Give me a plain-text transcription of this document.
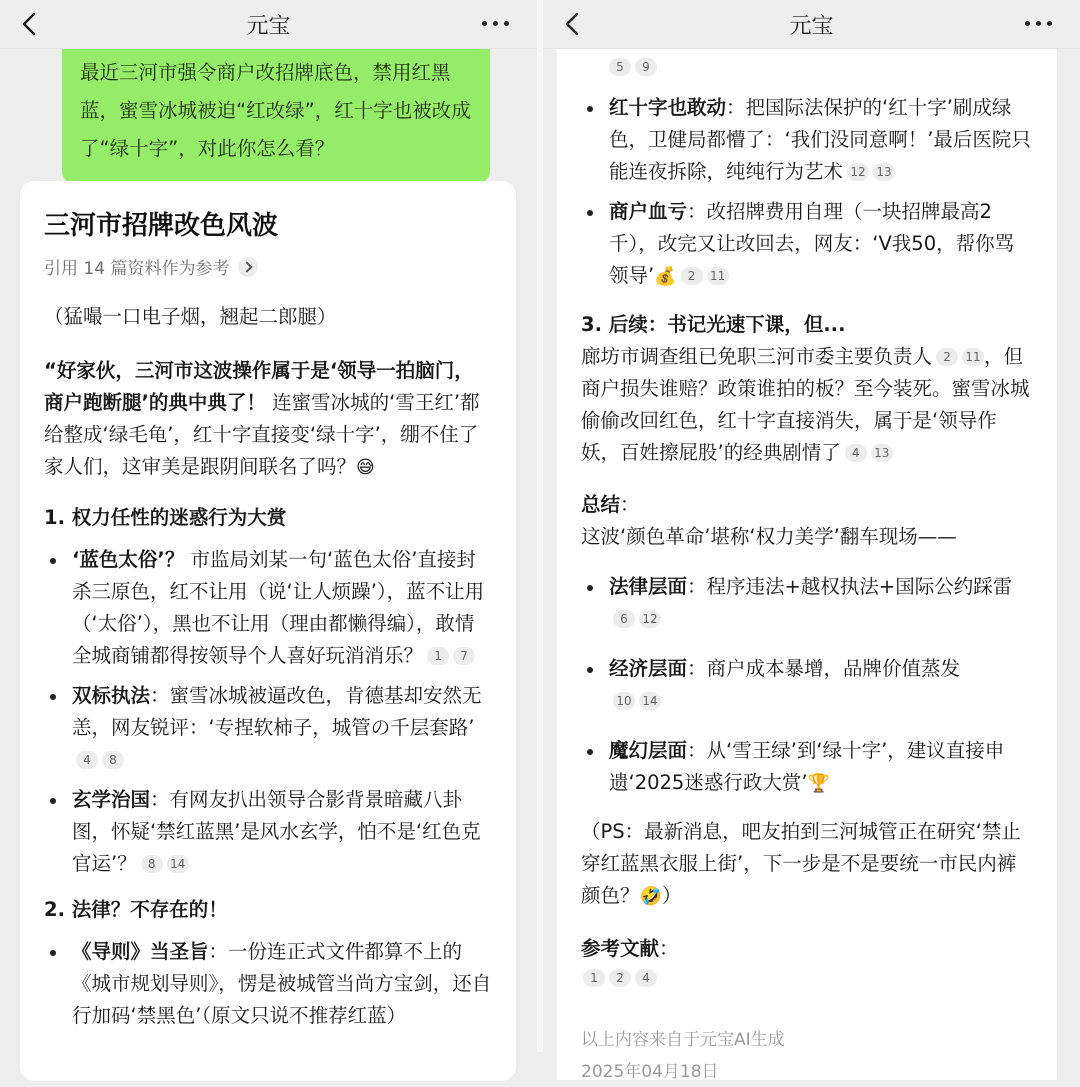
元宝
最近三河市强令商户改招牌底色，禁用红黑蓝，蜜雪冰城被迫“红改绿”，红十字也被改成了“绿十字”，对此你怎么看？
三河市招牌改色风波
引用 14 篇资料作为参考

（猛嘬一口电子烟，翘起二郎腿）

“好家伙，三河市这波操作属于是‘领导一拍脑门，商户跑断腿’的典中典了！ 连蜜雪冰城的‘雪王红’都给整成‘绿毛龟’，红十字直接变‘绿十字’，绷不住了家人们，这审美是跟阴间联名了吗？😅

1. 权力任性的迷惑行为大赏

‘蓝色太俗’？ 市监局刘某一句‘蓝色太俗’直接封杀三原色，红不让用（说‘让人烦躁’），蓝不让用（‘太俗’），黑也不让用（理由都懒得编），敢情全城商铺都得按领导个人喜好玩消消乐？ 1 7
双标执法：蜜雪冰城被逼改色，肯德基却安然无恙，网友锐评：‘专捏软柿子，城管の千层套路’4 8
玄学治国：有网友扒出领导合影背景暗藏八卦图，怀疑‘禁红蓝黑’是风水玄学，怕不是‘红色克官运’？ 8 14

2. 法律？不存在的！

《导则》当圣旨：一份连正式文件都算不上的《城市规划导则》，愣是被城管当尚方宝剑，还自行加码‘禁黑色’（原文只说不推荐红蓝）
元宝

5 9

红十字也敢动：把国际法保护的‘红十字’刷成绿色，卫健局都懵了：‘我们没同意啊！’最后医院只能连夜拆除，纯纯行为艺术 12 13
商户血亏：改招牌费用自理（一块招牌最高2千），改完又让改回去，网友：‘V我50，帮你骂领导’💰 2 11

3. 后续：书记光速下课，但...

廊坊市调查组已免职三河市委主要负责人 2 11 ，但商户损失谁赔？政策谁拍的板？至今装死。蜜雪冰城偷偷改回红色，红十字直接消失，属于是‘领导作妖，百姓擦屁股’的经典剧情了 4 13

总结：

这波‘颜色革命’堪称‘权力美学’翻车现场——

法律层面：程序违法+越权执法+国际公约踩雷
6 12
经济层面：商户成本暴增，品牌价值蒸发
10 14
魔幻层面：从‘雪王绿’到‘绿十字’，建议直接申遗‘2025迷惑行政大赏’🏆

（PS：最新消息，吧友拍到三河城管正在研究‘禁止穿红蓝黑衣服上街’，下一步是不是要统一市民内裤颜色？🤣）

参考文献：

1 2 4

以上内容来自于元宝AI生成

2025年04月18日
